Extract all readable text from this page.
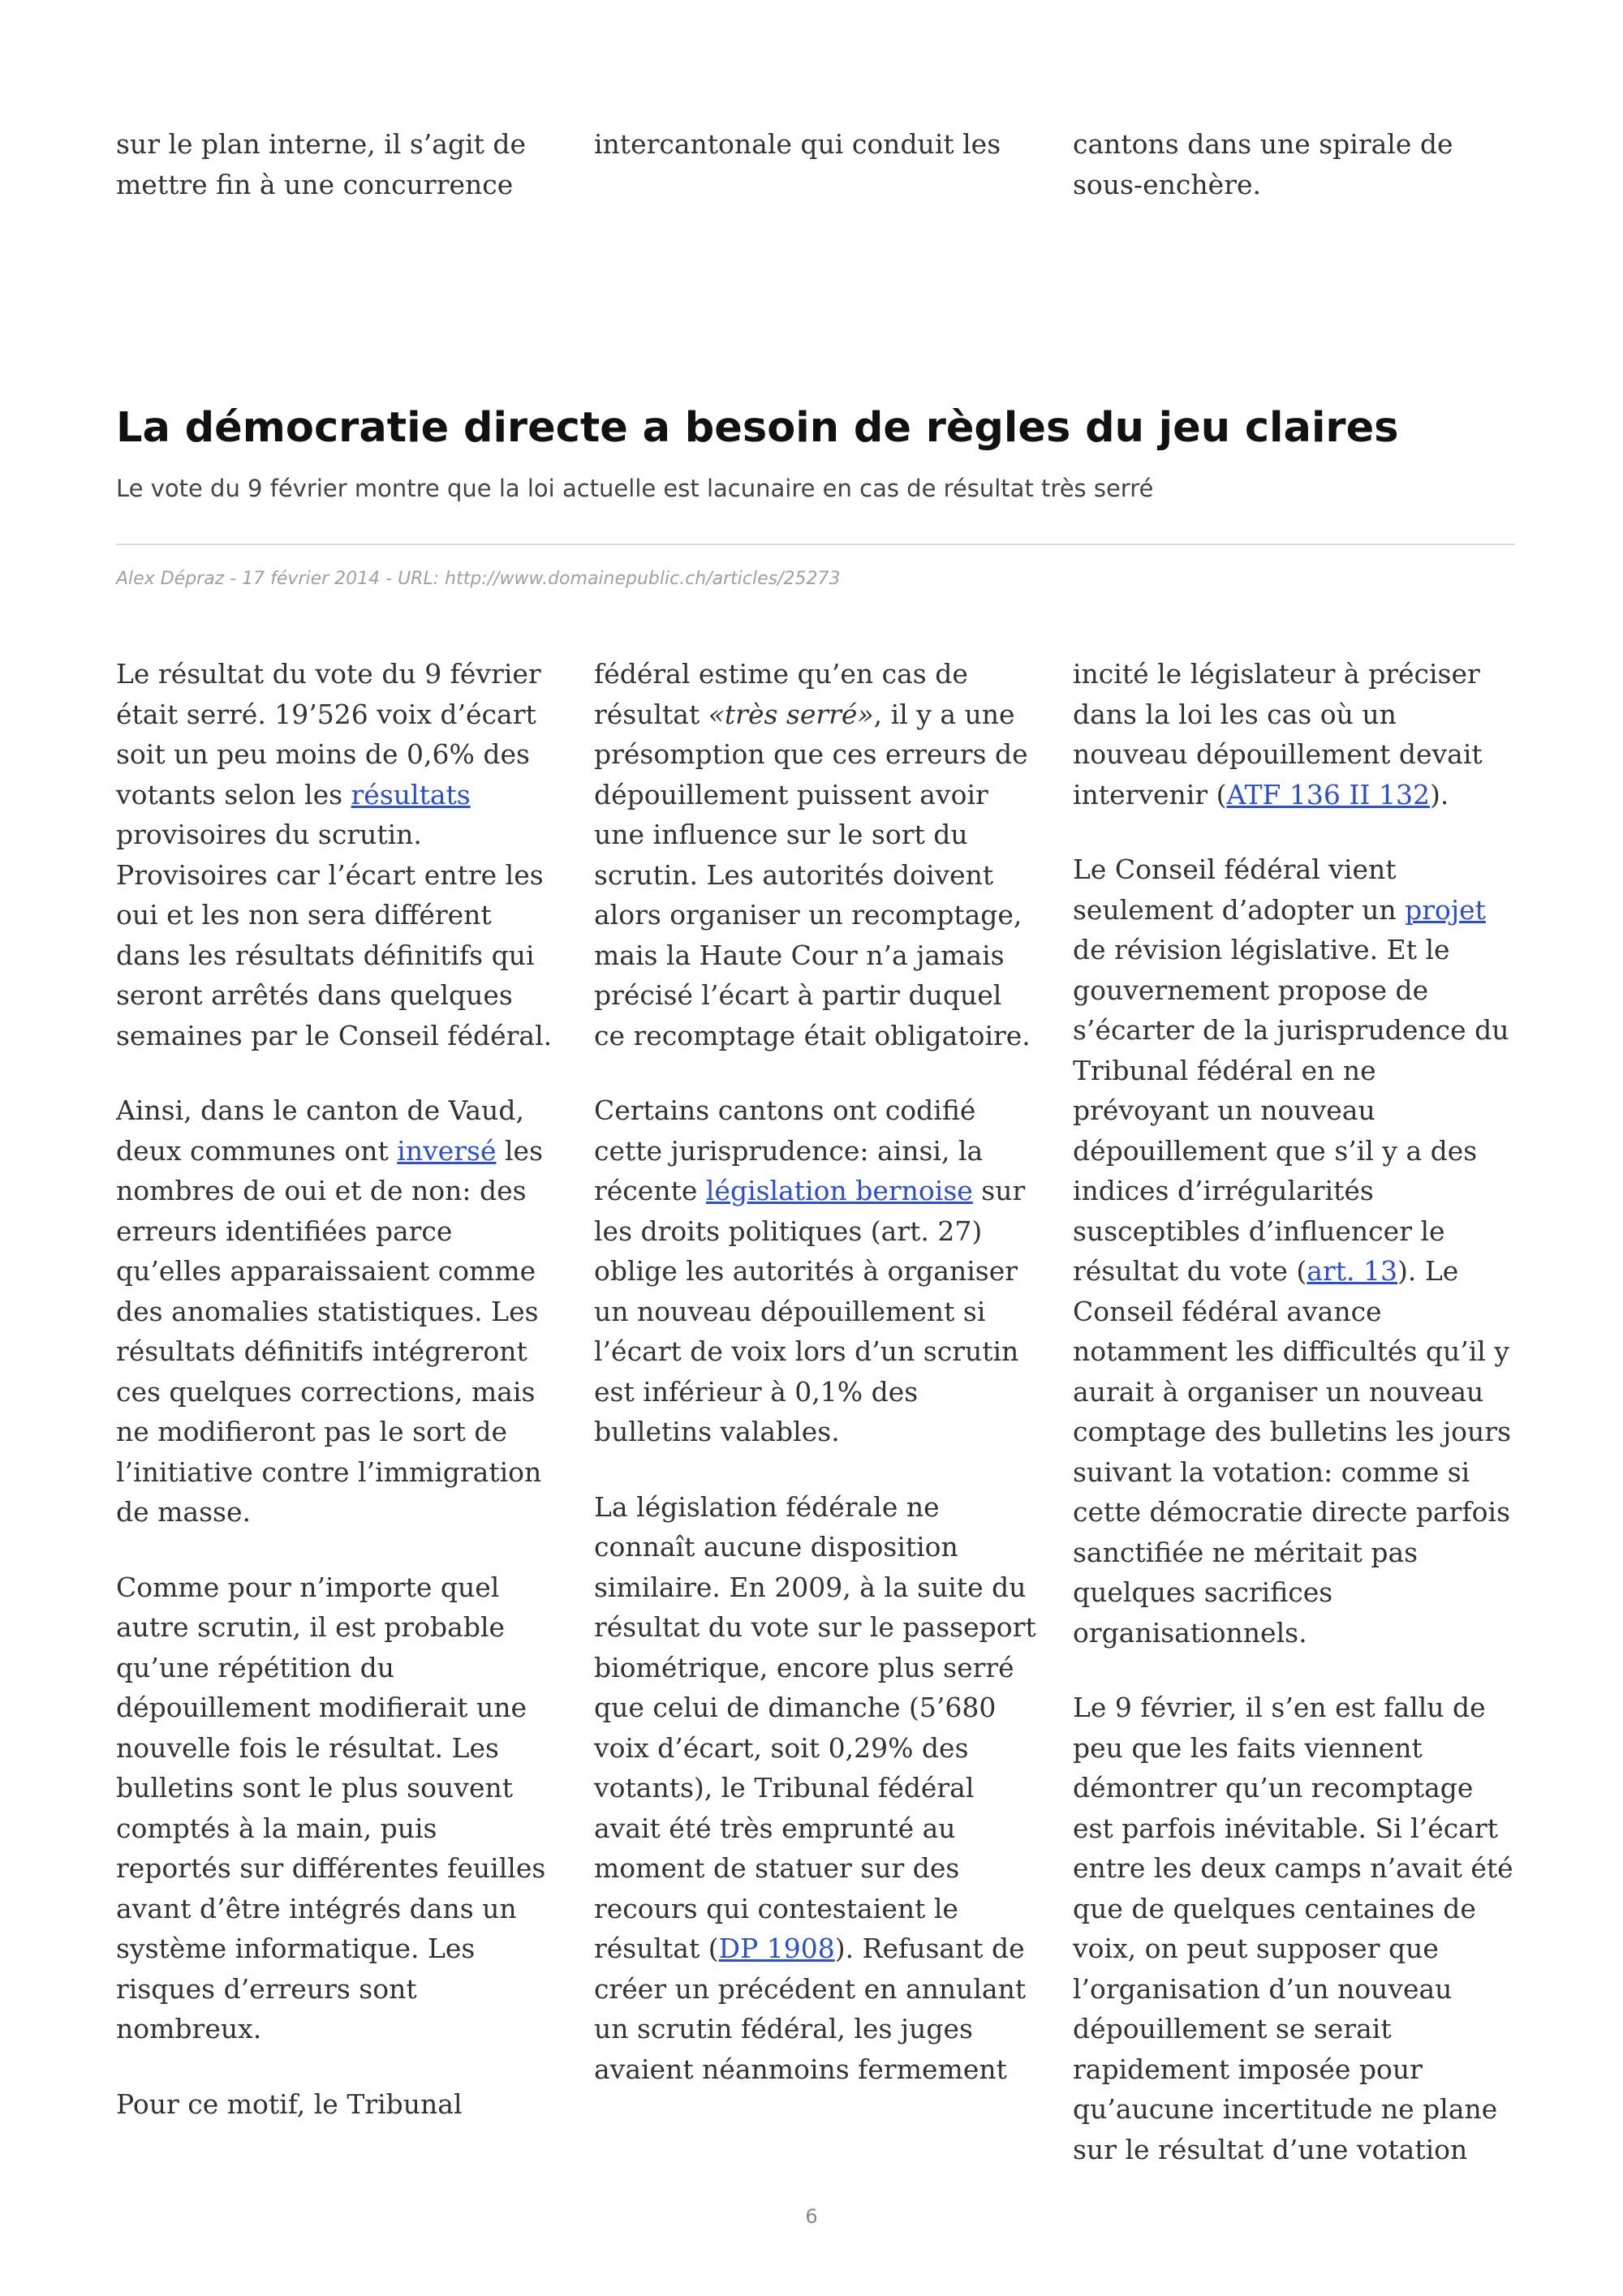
sur le plan interne, il s’agit de mettre fin à une concurrence

intercantonale qui conduit les	cantons dans une spirale de sous-enchère.

La démocratie directe a besoin de règles du jeu claires
Le vote du 9 février montre que la loi actuelle est lacunaire en cas de résultat très serré
Alex Dépraz - 17 février 2014 - URL: http://www.domainepublic.ch/articles/25273

Le résultat du vote du 9 février était serré. 19’526 voix d’écart soit un peu moins de 0,6% des votants selon les résultats provisoires du scrutin. Provisoires car l’écart entre les oui et les non sera différent dans les résultats définitifs qui seront arrêtés dans quelques semaines par le Conseil fédéral.

Ainsi, dans le canton de Vaud, deux communes ont inversé les nombres de oui et de non: des erreurs identifiées parce qu’elles apparaissaient comme des anomalies statistiques. Les résultats définitifs intégreront ces quelques corrections, mais ne modifieront pas le sort de l’initiative contre l’immigration de masse.

Comme pour n’importe quel autre scrutin, il est probable qu’une répétition du dépouillement modifierait une nouvelle fois le résultat. Les bulletins sont le plus souvent comptés à la main, puis reportés sur différentes feuilles avant d’être intégrés dans un système informatique. Les risques d’erreurs sont nombreux.

Pour ce motif, le Tribunal

fédéral estime qu’en cas de résultat «très serré», il y a une présomption que ces erreurs de dépouillement puissent avoir une influence sur le sort du scrutin. Les autorités doivent alors organiser un recomptage, mais la Haute Cour n’a jamais précisé l’écart à partir duquel ce recomptage était obligatoire.

Certains cantons ont codifié cette jurisprudence: ainsi, la récente législation bernoise sur les droits politiques (art. 27) oblige les autorités à organiser un nouveau dépouillement si l’écart de voix lors d’un scrutin est inférieur à 0,1% des bulletins valables.

La législation fédérale ne connaît aucune disposition similaire. En 2009, à la suite du résultat du vote sur le passeport biométrique, encore plus serré que celui de dimanche (5’680 voix d’écart, soit 0,29% des votants), le Tribunal fédéral avait été très emprunté au moment de statuer sur des recours qui contestaient le résultat (DP 1908). Refusant de créer un précédent en annulant un scrutin fédéral, les juges avaient néanmoins fermement

incité le législateur à préciser dans la loi les cas où un nouveau dépouillement devait intervenir (ATF 136 II 132).

Le Conseil fédéral vient seulement d’adopter un projet de révision législative. Et le gouvernement propose de s’écarter de la jurisprudence du Tribunal fédéral en ne prévoyant un nouveau dépouillement que s’il y a des indices d’irrégularités susceptibles d’influencer le résultat du vote (art. 13). Le Conseil fédéral avance notamment les difficultés qu’il y aurait à organiser un nouveau comptage des bulletins les jours suivant la votation: comme si cette démocratie directe parfois sanctifiée ne méritait pas quelques sacrifices organisationnels.

Le 9 février, il s’en est fallu de peu que les faits viennent démontrer qu’un recomptage est parfois inévitable. Si l’écart entre les deux camps n’avait été que de quelques centaines de voix, on peut supposer que l’organisation d’un nouveau dépouillement se serait rapidement imposée pour qu’aucune incertitude ne plane sur le résultat d’une votation

6
